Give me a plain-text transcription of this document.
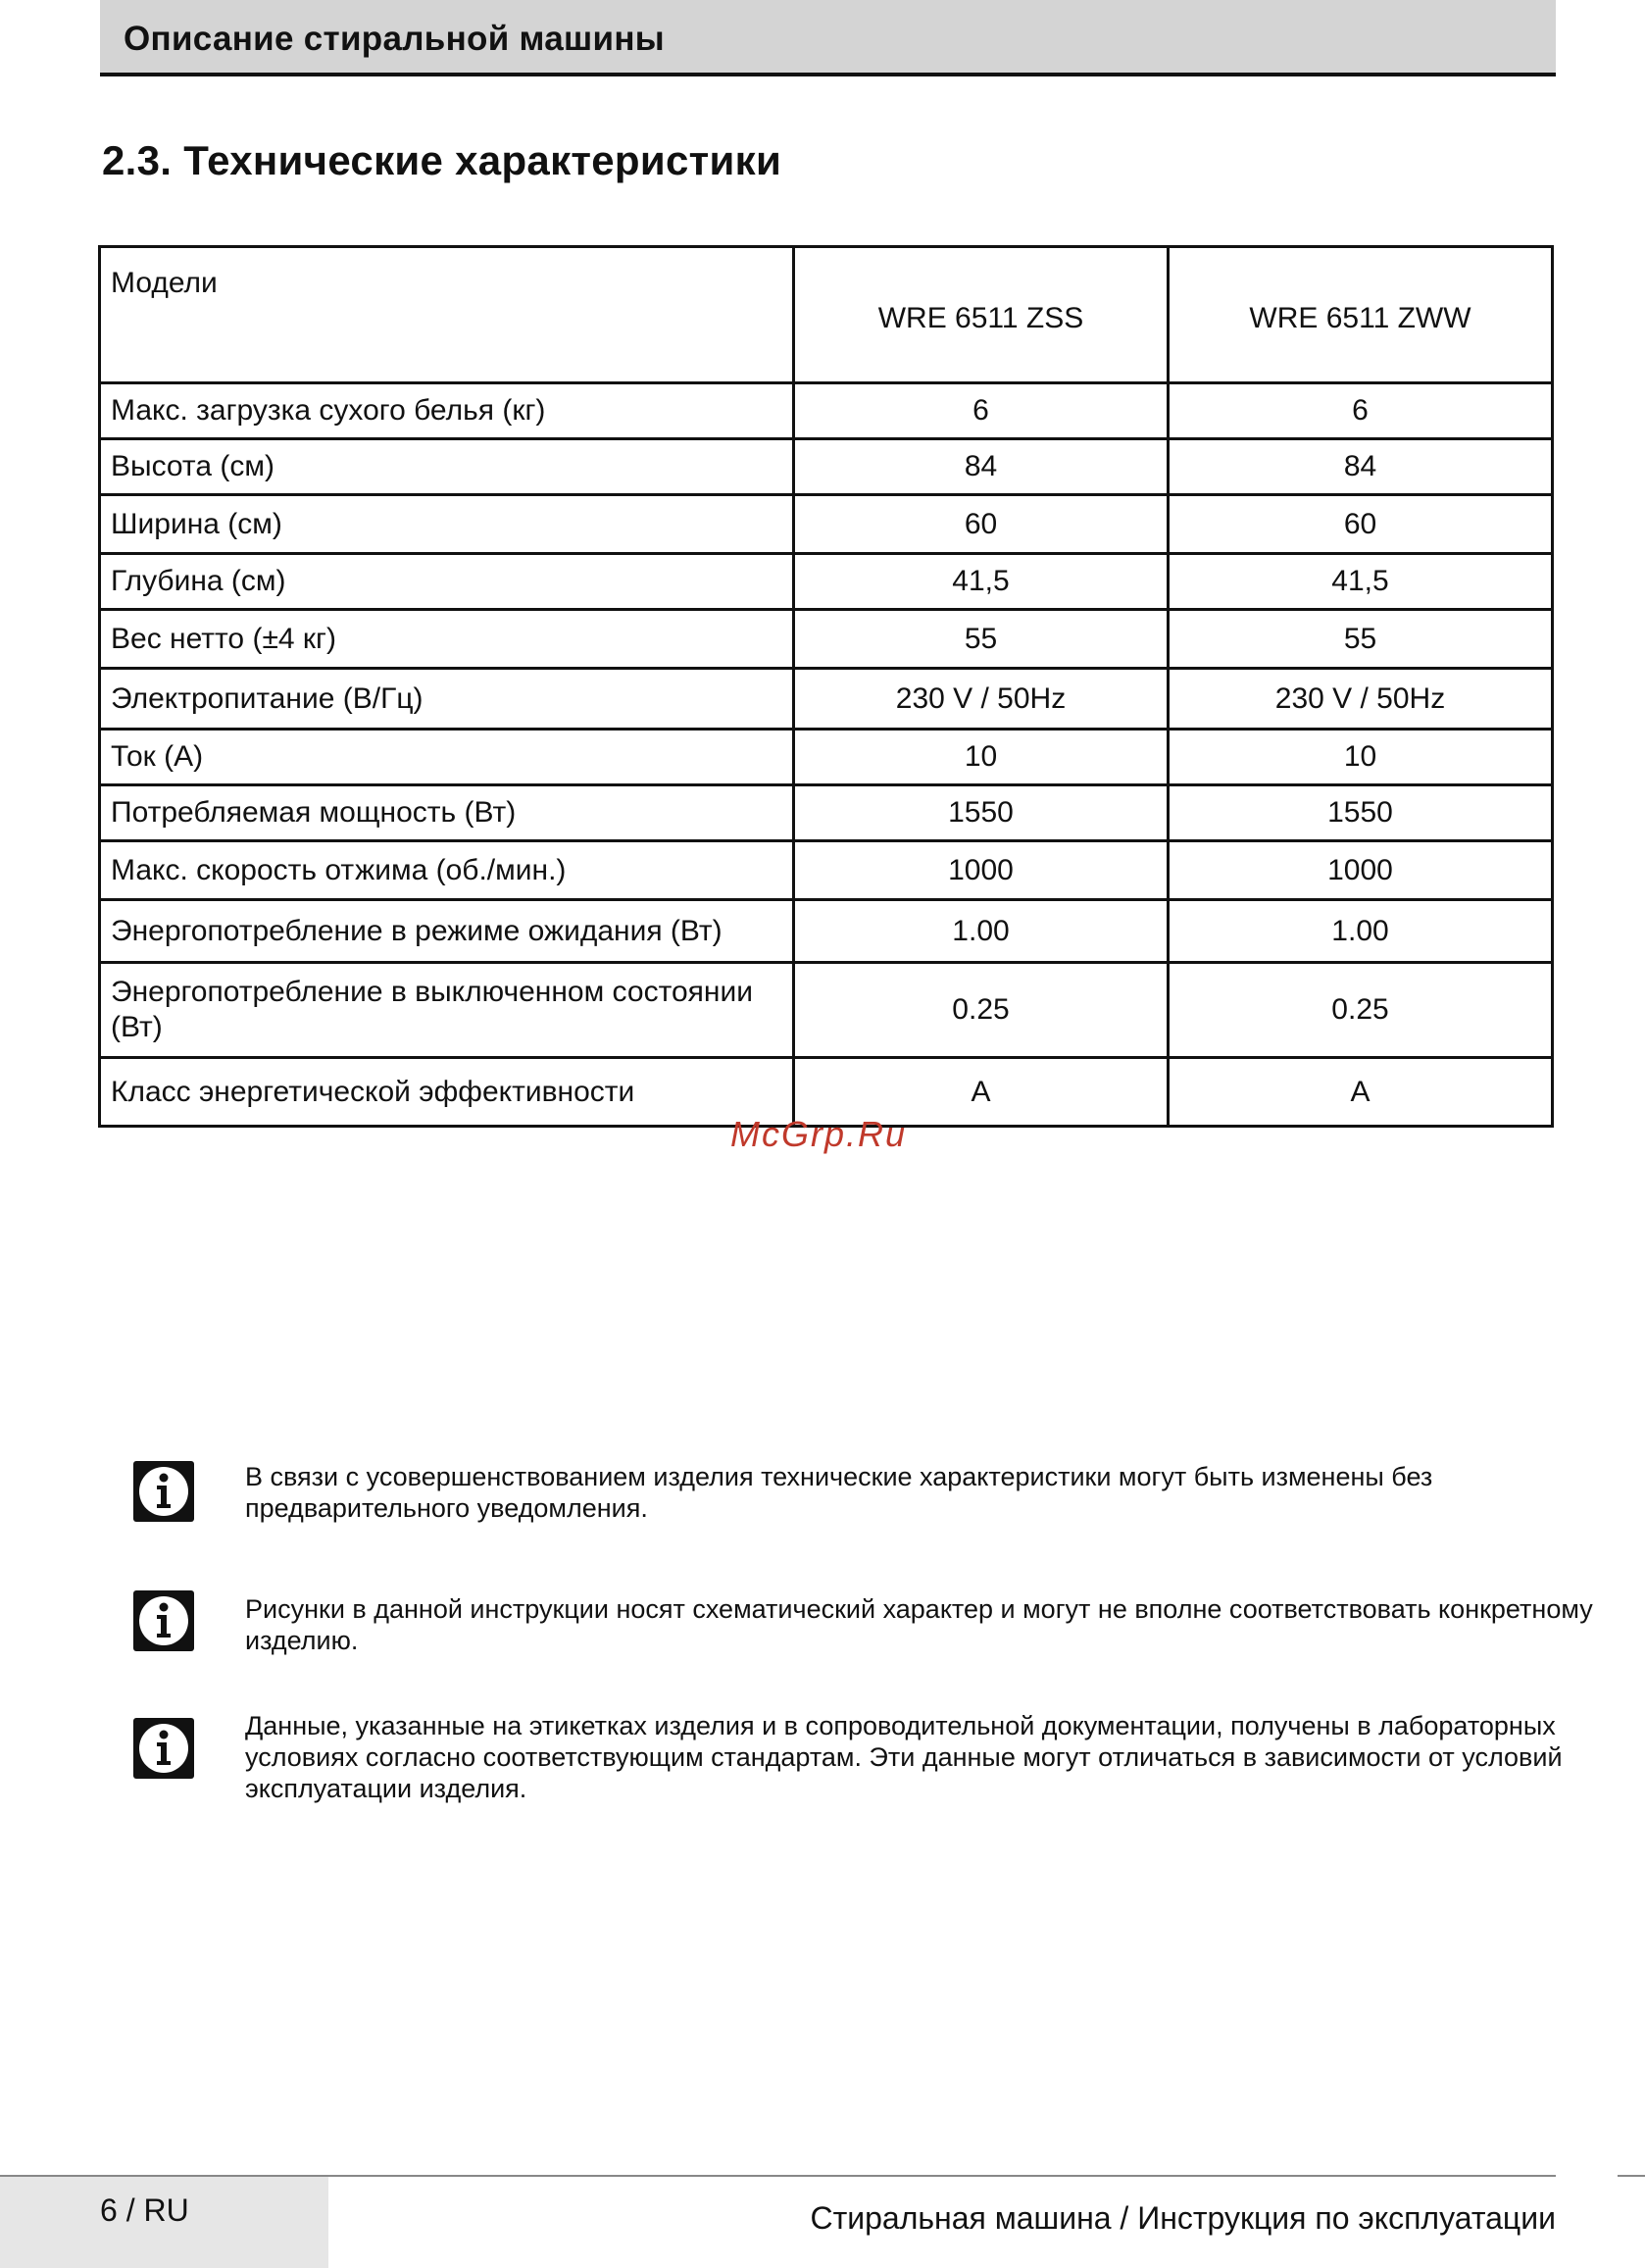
Описание стиральной машины
2.3. Технические характеристики
Модели	WRE 6511 ZSS	WRE 6511 ZWW
Макс. загрузка сухого белья (кг)	6	6
Высота (см)	84	84
Ширина (см)	60	60
Глубина (см)	41,5	41,5
Вес нетто (±4 кг)	55	55
Электропитание (В/Гц)	230 V / 50Hz	230 V / 50Hz
Ток (А)	10	10
Потребляемая мощность (Вт)	1550	1550
Макс. скорость отжима (об./мин.)	1000	1000
Энергопотребление в режиме ожидания (Вт)	1.00	1.00
Энергопотребление в выключенном состоянии (Вт)	0.25	0.25
Класс энергетической эффективности	A	A
McGrp.Ru
В связи с усовершенствованием изделия технические характеристики могут быть изменены без предварительного уведомления.
Рисунки в данной инструкции носят схематический характер и могут не вполне соответствовать конкретному изделию.
Данные, указанные на этикетках изделия и в сопроводительной документации, получены в лабораторных условиях согласно соответствующим стандартам. Эти данные могут отличаться в зависимости от условий эксплуатации изделия.
6 / RU	Стиральная машина / Инструкция по эксплуатации
